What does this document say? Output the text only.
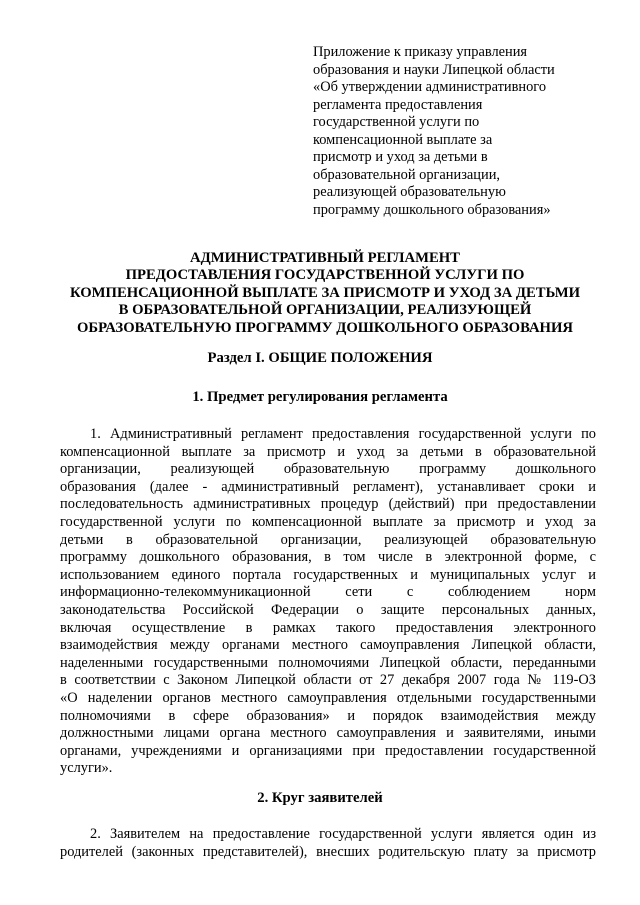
Приложение к приказу управления
образования и науки Липецкой области
«Об утверждении административного
регламента предоставления
государственной услуги по
компенсационной выплате за
присмотр и уход за детьми в
образовательной организации,
реализующей образовательную
программу дошкольного образования»
АДМИНИСТРАТИВНЫЙ РЕГЛАМЕНТ
ПРЕДОСТАВЛЕНИЯ ГОСУДАРСТВЕННОЙ УСЛУГИ ПО
КОМПЕНСАЦИОННОЙ ВЫПЛАТЕ ЗА ПРИСМОТР И УХОД ЗА ДЕТЬМИ
В ОБРАЗОВАТЕЛЬНОЙ ОРГАНИЗАЦИИ, РЕАЛИЗУЮЩЕЙ
ОБРАЗОВАТЕЛЬНУЮ ПРОГРАММУ ДОШКОЛЬНОГО ОБРАЗОВАНИЯ
Раздел I. ОБЩИЕ ПОЛОЖЕНИЯ
1. Предмет регулирования регламента
1. Административный регламент предоставления государственной услуги по
компенсационной выплате за присмотр и уход за детьми в образовательной
организации, реализующей образовательную программу дошкольного
образования (далее - административный регламент), устанавливает сроки и
последовательность административных процедур (действий) при предоставлении
государственной услуги по компенсационной выплате за присмотр и уход за
детьми в образовательной организации, реализующей образовательную
программу дошкольного образования, в том числе в электронной форме, с
использованием единого портала государственных и муниципальных услуг и
информационно-телекоммуникационной сети с соблюдением норм
законодательства Российской Федерации о защите персональных данных,
включая осуществление в рамках такого предоставления электронного
взаимодействия между органами местного самоуправления Липецкой области,
наделенными государственными полномочиями Липецкой области, переданными
в соответствии с Законом Липецкой области от 27 декабря 2007 года № 119-ОЗ
«О наделении органов местного самоуправления отдельными государственными
полномочиями в сфере образования» и порядок взаимодействия между
должностными лицами органа местного самоуправления и заявителями, иными
органами, учреждениями и организациями при предоставлении государственной
услуги».
2. Круг заявителей
2. Заявителем на предоставление государственной услуги является один из
родителей (законных представителей), внесших родительскую плату за присмотр
